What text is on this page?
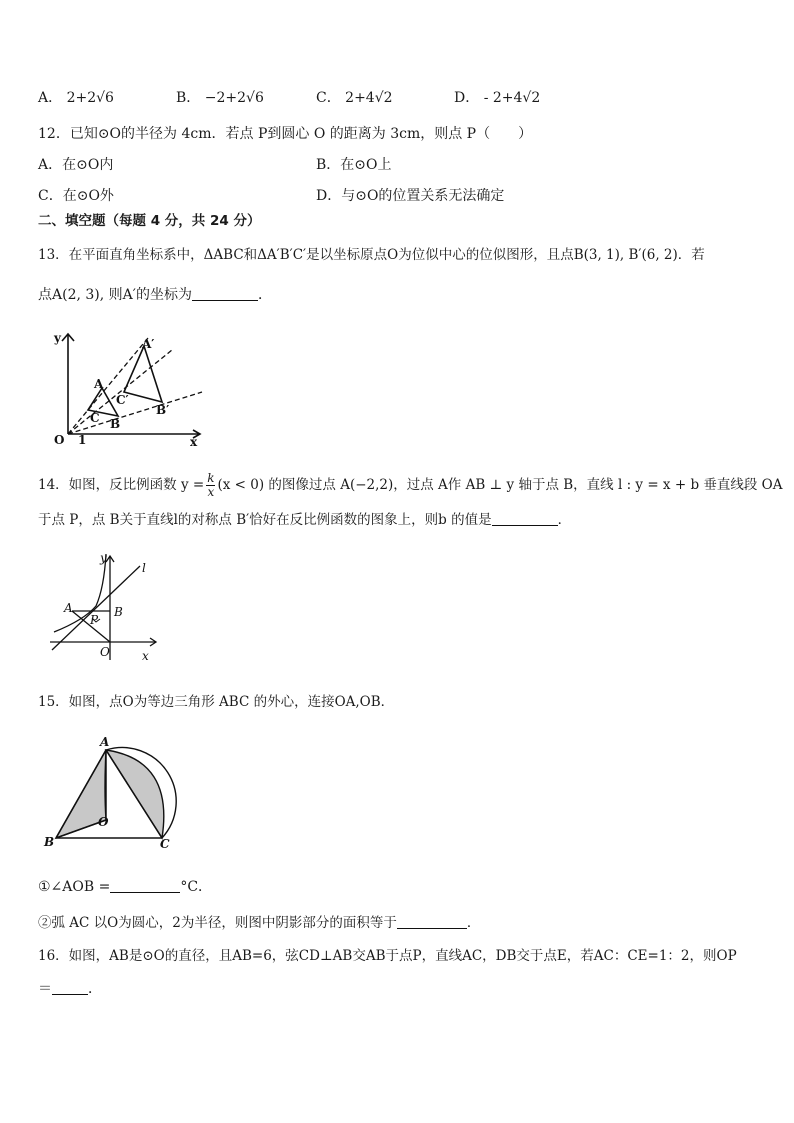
A． 2+2√6	B． −2+2√6	C． 2+4√2	D． - 2+4√2
12．已知⊙O的半径为 4cm．若点 P到圆心 O 的距离为 3cm，则点 P（　　）
A．在⊙O内	B．在⊙O上
C．在⊙O外	D．与⊙O的位置关系无法确定
二、填空题（每题 4 分，共 24 分）
13．在平面直角坐标系中，ΔABC和ΔA′B′C′是以坐标原点O为位似中心的位似图形，且点B(3, 1), B′(6, 2)．若
点A(2, 3), 则A′的坐标为	．
y	A′
A
C′
C B
B′
O 1	x
14．如图，反比例函数 $y = \frac{k}{x} (x < 0)$ 的图像过点 A(−2,2)，过点 A作 AB ⊥ y 轴于点 B，直线 l : y = x + b 垂直线段 OA
于点 P，点 B关于直线l的对称点 B′恰好在反比例函数的图象上，则b 的值是	．
y
l
A	B
P
O	x
15．如图，点O为等边三角形 ABC 的外心，连接OA,OB．
A
O
B	C
①∠AOB =	°C．
②弧 AC 以O为圆心，2为半径，则图中阴影部分的面积等于	．
16．如图，AB是⊙O的直径，且AB=6，弦CD⊥AB交AB于点P，直线AC，DB交于点E，若AC：CE=1：2，则OP
＝	．
